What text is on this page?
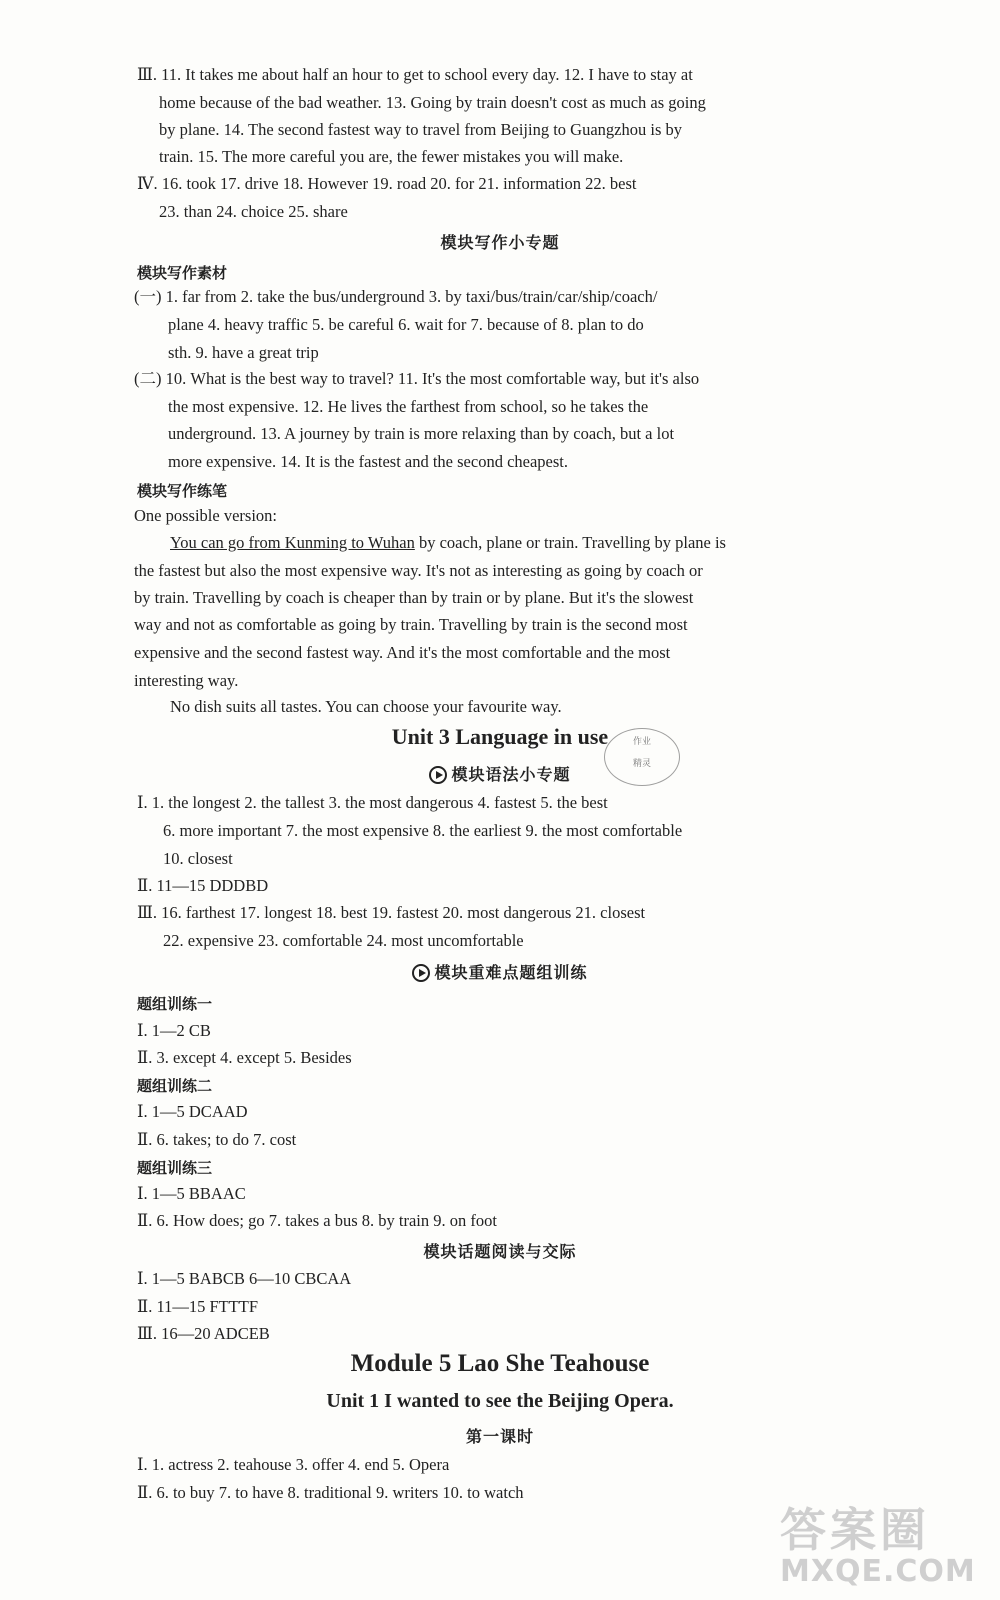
Ⅲ. 11. It takes me about half an hour to get to school every day. 12. I have to stay at
home because of the bad weather. 13. Going by train doesn't cost as much as going
by plane. 14. The second fastest way to travel from Beijing to Guangzhou is by
train. 15. The more careful you are, the fewer mistakes you will make.
Ⅳ. 16. took 17. drive 18. However 19. road 20. for 21. information 22. best
23. than 24. choice 25. share
模块写作小专题
模块写作素材
(一) 1. far from 2. take the bus/underground 3. by taxi/bus/train/car/ship/coach/
plane 4. heavy traffic 5. be careful 6. wait for 7. because of 8. plan to do
sth. 9. have a great trip
(二) 10. What is the best way to travel? 11. It's the most comfortable way, but it's also
the most expensive. 12. He lives the farthest from school, so he takes the
underground. 13. A journey by train is more relaxing than by coach, but a lot
more expensive. 14. It is the fastest and the second cheapest.
模块写作练笔
One possible version:
You can go from Kunming to Wuhan by coach, plane or train. Travelling by plane is
the fastest but also the most expensive way. It's not as interesting as going by coach or
by train. Travelling by coach is cheaper than by train or by plane. But it's the slowest
way and not as comfortable as going by train. Travelling by train is the second most
expensive and the second fastest way. And it's the most comfortable and the most
interesting way.
No dish suits all tastes. You can choose your favourite way.
Unit 3 Language in use	作业
精灵
模块语法小专题
Ⅰ. 1. the longest 2. the tallest 3. the most dangerous 4. fastest 5. the best
6. more important 7. the most expensive 8. the earliest 9. the most comfortable
10. closest
Ⅱ. 11—15 DDDBD
Ⅲ. 16. farthest 17. longest 18. best 19. fastest 20. most dangerous 21. closest
22. expensive 23. comfortable 24. most uncomfortable
模块重难点题组训练
题组训练一
Ⅰ. 1—2 CB
Ⅱ. 3. except 4. except 5. Besides
题组训练二
Ⅰ. 1—5 DCAAD
Ⅱ. 6. takes; to do 7. cost
题组训练三
Ⅰ. 1—5 BBAAC
Ⅱ. 6. How does; go 7. takes a bus 8. by train 9. on foot
模块话题阅读与交际
Ⅰ. 1—5 BABCB 6—10 CBCAA
Ⅱ. 11—15 FTTTF
Ⅲ. 16—20 ADCEB
Module 5 Lao She Teahouse
Unit 1 I wanted to see the Beijing Opera.
第一课时
Ⅰ. 1. actress 2. teahouse 3. offer 4. end 5. Opera
Ⅱ. 6. to buy 7. to have 8. traditional 9. writers 10. to watch
答案圈
MXQE.COM
